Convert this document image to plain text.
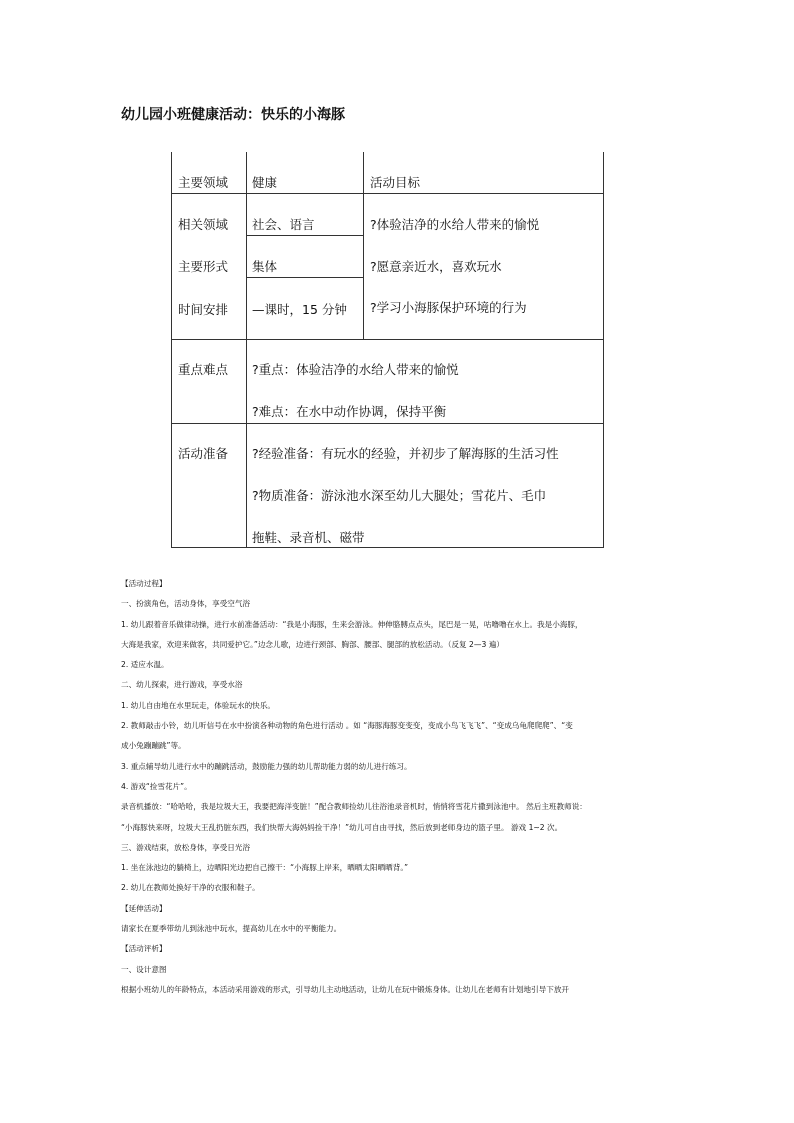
幼儿园小班健康活动：快乐的小海豚
主要领域 健康	活动目标
相关领域 社会、语言
主要形式 集体
时间安排 —课时，15 分钟
?体验洁净的水给人带来的愉悦
?愿意亲近水，喜欢玩水
?学习小海豚保护环境的行为
重点难点 ?重点：体验洁净的水给人带来的愉悦
?难点：在水中动作协调，保持平衡
活动准备 ?经验准备：有玩水的经验，并初步了解海豚的生活习性
?物质准备：游泳池水深至幼儿大腿处；雪花片、毛巾
拖鞋、录音机、磁带

【活动过程】

一、扮演角色，活动身体，享受空气浴

1. 幼儿跟着音乐做律动操，进行水前准备活动：“我是小海豚，生来会游泳。伸伸胳膊点点头，尾巴是一晃，咕噜噜在水上。我是小海豚，

大海是我家，欢迎来做客，共同爱护它。”边念儿歌，边进行颈部、胸部、腰部、腿部的放松活动。（反复 2—3 遍）

2. 适应水温。

二、幼儿探索，进行游戏，享受水浴

1. 幼儿自由地在水里玩走，体验玩水的快乐。

2. 教师敲击小铃，幼儿听信号在水中扮演各种动物的角色进行活动 。如 “海豚海豚变变变，变成小鸟飞飞飞”、“变成乌龟爬爬爬”、“变

成小兔蹦蹦跳”等。

3. 重点辅导幼儿进行水中的蹦跳活动，鼓励能力强的幼儿帮助能力弱的幼儿进行练习。

4. 游戏“捡雪花片”。

录音机播放：“哈哈哈，我是垃圾大王，我要把海洋变脏！”配合教师捡幼儿往浴池录音机时，悄悄将雪花片撒到泳池中。 然后主班教师说：

“小海豚快来呀，垃圾大王乱扔脏东西，我们快帮大海妈妈捡干净！”幼儿可自由寻找，然后放到老师身边的篮子里。 游戏 1~2 次。

三、游戏结束，放松身体，享受日光浴

1. 坐在泳池边的躺椅上，边晒阳光边把自己擦干：“小海豚上岸来，晒晒太阳晒晒背。”

2. 幼儿在教师处换好干净的衣服和鞋子。

【延伸活动】

请家长在夏季带幼儿到泳池中玩水，提高幼儿在水中的平衡能力。

【活动评析】

一、设计意图

根据小班幼儿的年龄特点，本活动采用游戏的形式，引导幼儿主动地活动，让幼儿在玩中锻炼身体。让幼儿在老师有计划地引导下放开
